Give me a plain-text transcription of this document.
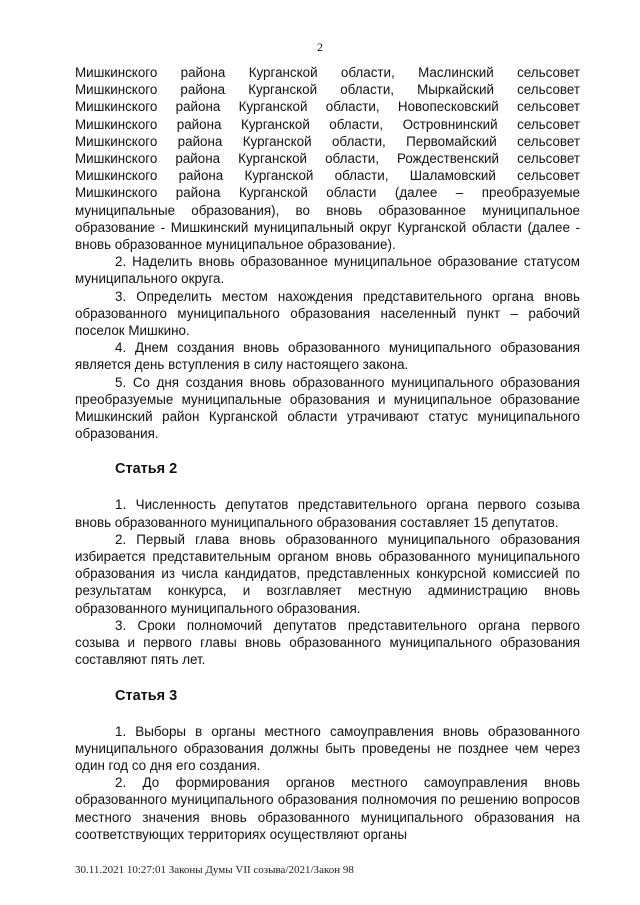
2

Мишкинского района Курганской области, Маслинский сельсовет

Мишкинского района Курганской области, Мыркайский сельсовет

Мишкинского района Курганской области, Новопесковский сельсовет

Мишкинского района Курганской области, Островнинский сельсовет

Мишкинского района Курганской области, Первомайский сельсовет

Мишкинского района Курганской области, Рождественский сельсовет

Мишкинского района Курганской области, Шаламовский сельсовет

Мишкинского района Курганской области (далее – преобразуемые муниципальные образования), во вновь образованное муниципальное образование - Мишкинский муниципальный округ Курганской области (далее - вновь образованное муниципальное образование).

2. Наделить вновь образованное муниципальное образование статусом муниципального округа.

3. Определить местом нахождения представительного органа вновь образованного муниципального образования населенный пункт – рабочий поселок Мишкино.

4. Днем создания вновь образованного муниципального образования является день вступления в силу настоящего закона.

5. Со дня создания вновь образованного муниципального образования преобразуемые муниципальные образования и муниципальное образование Мишкинский район Курганской области утрачивают статус муниципального образования.

Статья 2

1. Численность депутатов представительного органа первого созыва вновь образованного муниципального образования составляет 15 депутатов.

2. Первый глава вновь образованного муниципального образования избирается представительным органом вновь образованного муниципального образования из числа кандидатов, представленных конкурсной комиссией по результатам конкурса, и возглавляет местную администрацию вновь образованного муниципального образования.

3. Сроки полномочий депутатов представительного органа первого созыва и первого главы вновь образованного муниципального образования составляют пять лет.

Статья 3

1. Выборы в органы местного самоуправления вновь образованного муниципального образования должны быть проведены не позднее чем через один год со дня его создания.

2. До формирования органов местного самоуправления вновь образованного муниципального образования полномочия по решению вопросов местного значения вновь образованного муниципального образования на соответствующих территориях осуществляют органы

30.11.2021 10:27:01 Законы Думы VII созыва/2021/Закон 98
